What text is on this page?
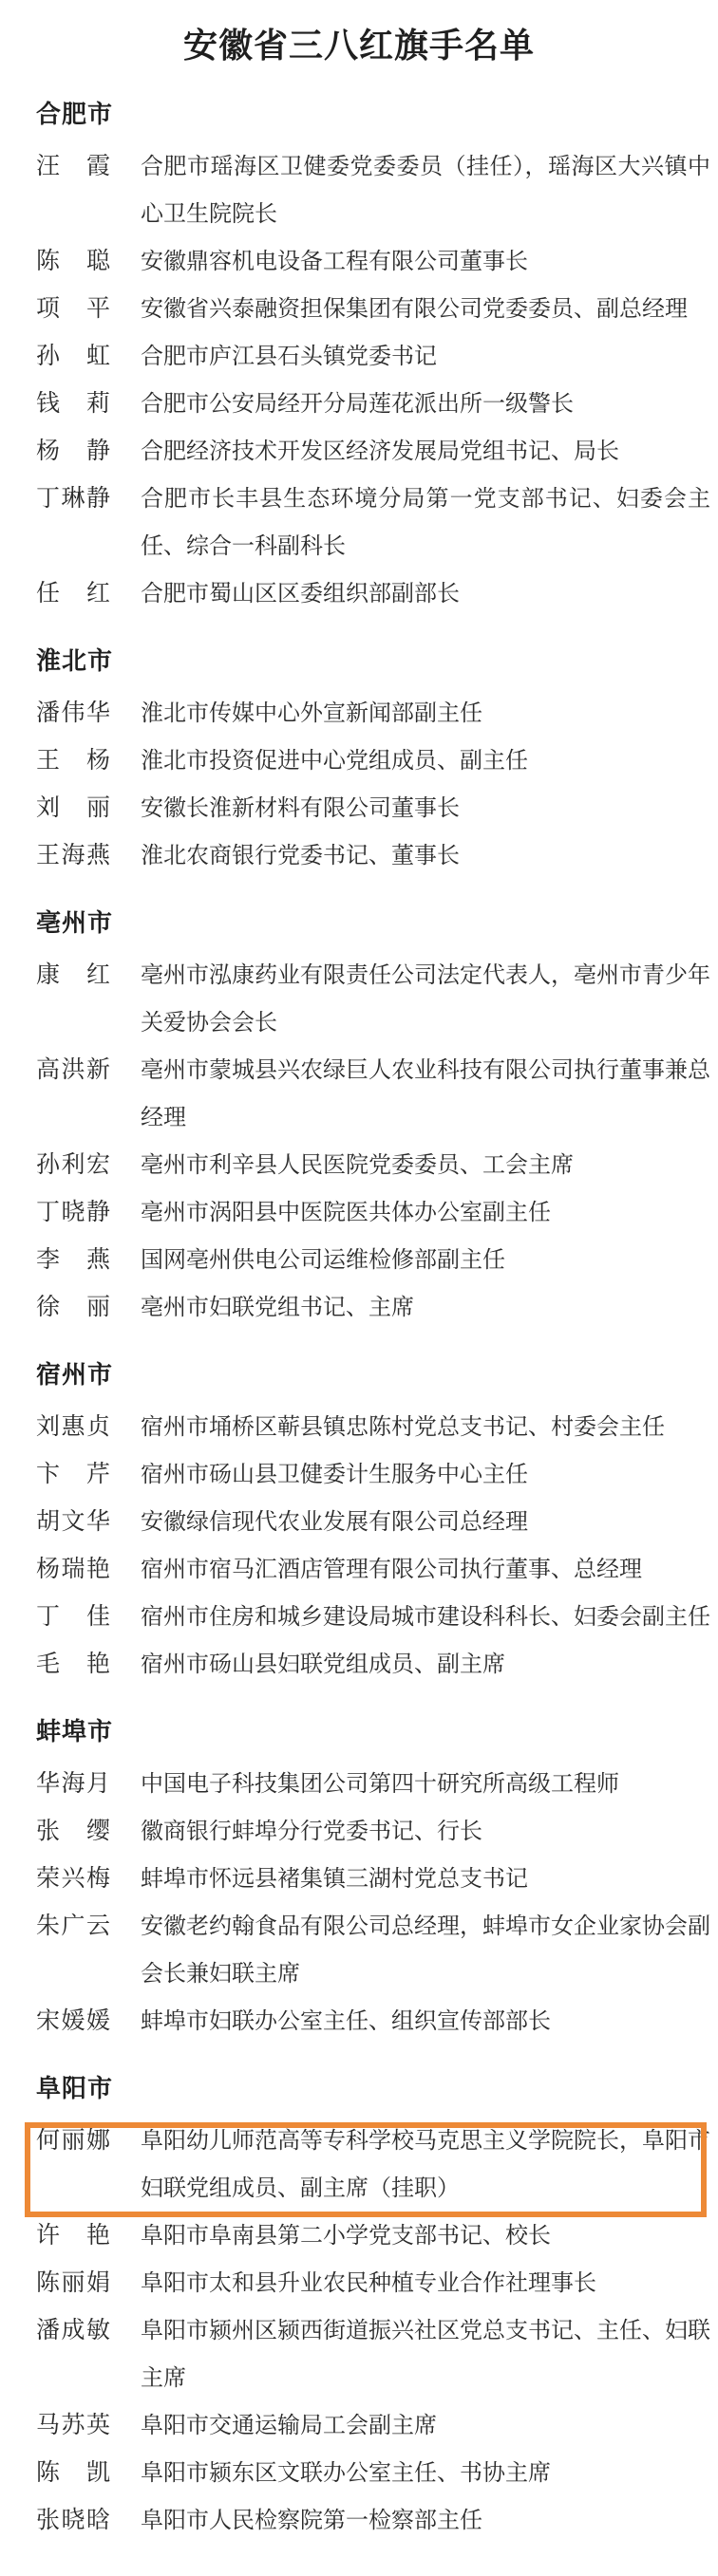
安徽省三八红旗手名单
合肥市
汪霞 合肥市瑶海区卫健委党委委员（挂任），瑶海区大兴镇中心卫生院院长
陈聪 安徽鼎容机电设备工程有限公司董事长
项平 安徽省兴泰融资担保集团有限公司党委委员、副总经理
孙虹 合肥市庐江县石头镇党委书记
钱莉 合肥市公安局经开分局莲花派出所一级警长
杨静 合肥经济技术开发区经济发展局党组书记、局长
丁琳静 合肥市长丰县生态环境分局第一党支部书记、妇委会主任、综合一科副科长
任红 合肥市蜀山区区委组织部副部长
淮北市
潘伟华 淮北市传媒中心外宣新闻部副主任
王杨 淮北市投资促进中心党组成员、副主任
刘丽 安徽长淮新材料有限公司董事长
王海燕 淮北农商银行党委书记、董事长
亳州市
康红 亳州市泓康药业有限责任公司法定代表人，亳州市青少年关爱协会会长
高洪新 亳州市蒙城县兴农绿巨人农业科技有限公司执行董事兼总经理
孙利宏 亳州市利辛县人民医院党委委员、工会主席
丁晓静 亳州市涡阳县中医院医共体办公室副主任
李燕 国网亳州供电公司运维检修部副主任
徐丽 亳州市妇联党组书记、主席
宿州市
刘惠贞 宿州市埇桥区蕲县镇忠陈村党总支书记、村委会主任
卞芹 宿州市砀山县卫健委计生服务中心主任
胡文华 安徽绿信现代农业发展有限公司总经理
杨瑞艳 宿州市宿马汇酒店管理有限公司执行董事、总经理
丁佳 宿州市住房和城乡建设局城市建设科科长、妇委会副主任
毛艳 宿州市砀山县妇联党组成员、副主席
蚌埠市
华海月 中国电子科技集团公司第四十研究所高级工程师
张缨 徽商银行蚌埠分行党委书记、行长
荣兴梅 蚌埠市怀远县褚集镇三湖村党总支书记
朱广云 安徽老约翰食品有限公司总经理，蚌埠市女企业家协会副会长兼妇联主席
宋媛媛 蚌埠市妇联办公室主任、组织宣传部部长
阜阳市
何丽娜 阜阳幼儿师范高等专科学校马克思主义学院院长，阜阳市妇联党组成员、副主席（挂职）
许艳 阜阳市阜南县第二小学党支部书记、校长
陈丽娟 阜阳市太和县升业农民种植专业合作社理事长
潘成敏 阜阳市颍州区颍西街道振兴社区党总支书记、主任、妇联主席
马苏英 阜阳市交通运输局工会副主席
陈凯 阜阳市颍东区文联办公室主任、书协主席
张晓晗 阜阳市人民检察院第一检察部主任
